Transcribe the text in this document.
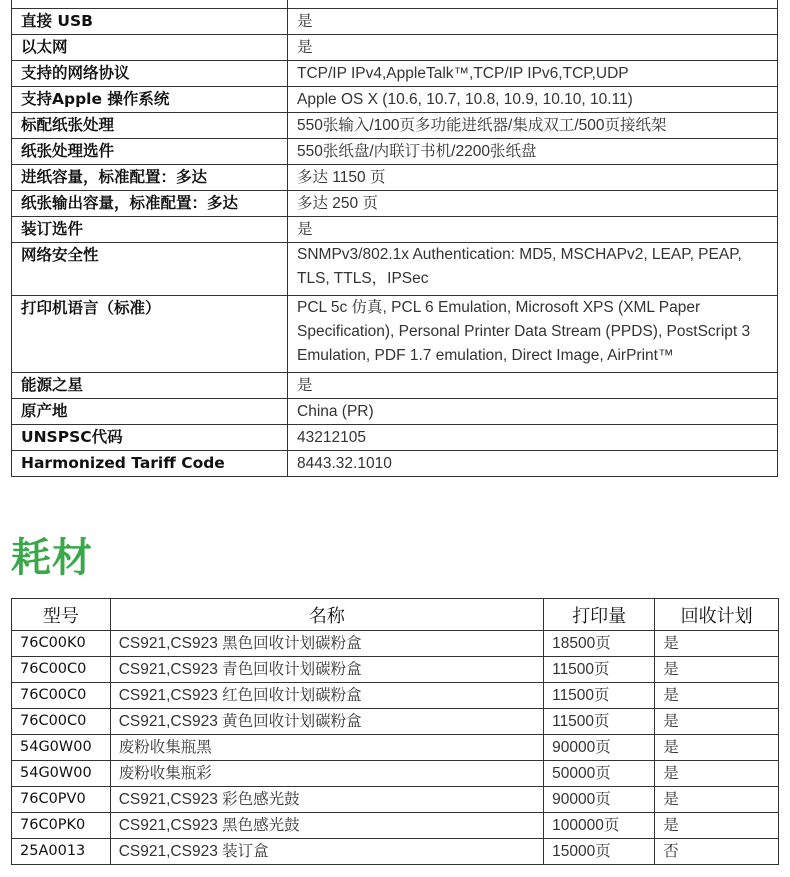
直接 USB	是
以太网	是
支持的网络协议	TCP/IP IPv4,AppleTalk™,TCP/IP IPv6,TCP,UDP
支持Apple 操作系统	Apple OS X (10.6, 10.7, 10.8, 10.9, 10.10, 10.11)
标配纸张处理	550张输入/100页多功能进纸器/集成双工/500页接纸架
纸张处理选件	550张纸盘/内联订书机/2200张纸盘
进纸容量，标准配置：多达	多达 1150 页
纸张输出容量，标准配置：多达	多达 250 页
装订选件	是
网络安全性	SNMPv3/802.1x Authentication: MD5, MSCHAPv2, LEAP, PEAP, TLS, TTLS，IPSec
打印机语言（标准）	PCL 5c 仿真, PCL 6 Emulation, Microsoft XPS (XML Paper Specification), Personal Printer Data Stream (PPDS), PostScript 3 Emulation, PDF 1.7 emulation, Direct Image, AirPrint™
能源之星	是
原产地	China (PR)
UNSPSC代码	43212105
Harmonized Tariff Code	8443.32.1010
耗材
型号	名称	打印量	回收计划
76C00K0	CS921,CS923 黑色回收计划碳粉盒	18500页	是
76C00C0	CS921,CS923 青色回收计划碳粉盒	11500页	是
76C00C0	CS921,CS923 红色回收计划碳粉盒	11500页	是
76C00C0	CS921,CS923 黄色回收计划碳粉盒	11500页	是
54G0W00	废粉收集瓶黑	90000页	是
54G0W00	废粉收集瓶彩	50000页	是
76C0PV0	CS921,CS923 彩色感光鼓	90000页	是
76C0PK0	CS921,CS923 黑色感光鼓	100000页	是
25A0013	CS921,CS923 装订盒	15000页	否
